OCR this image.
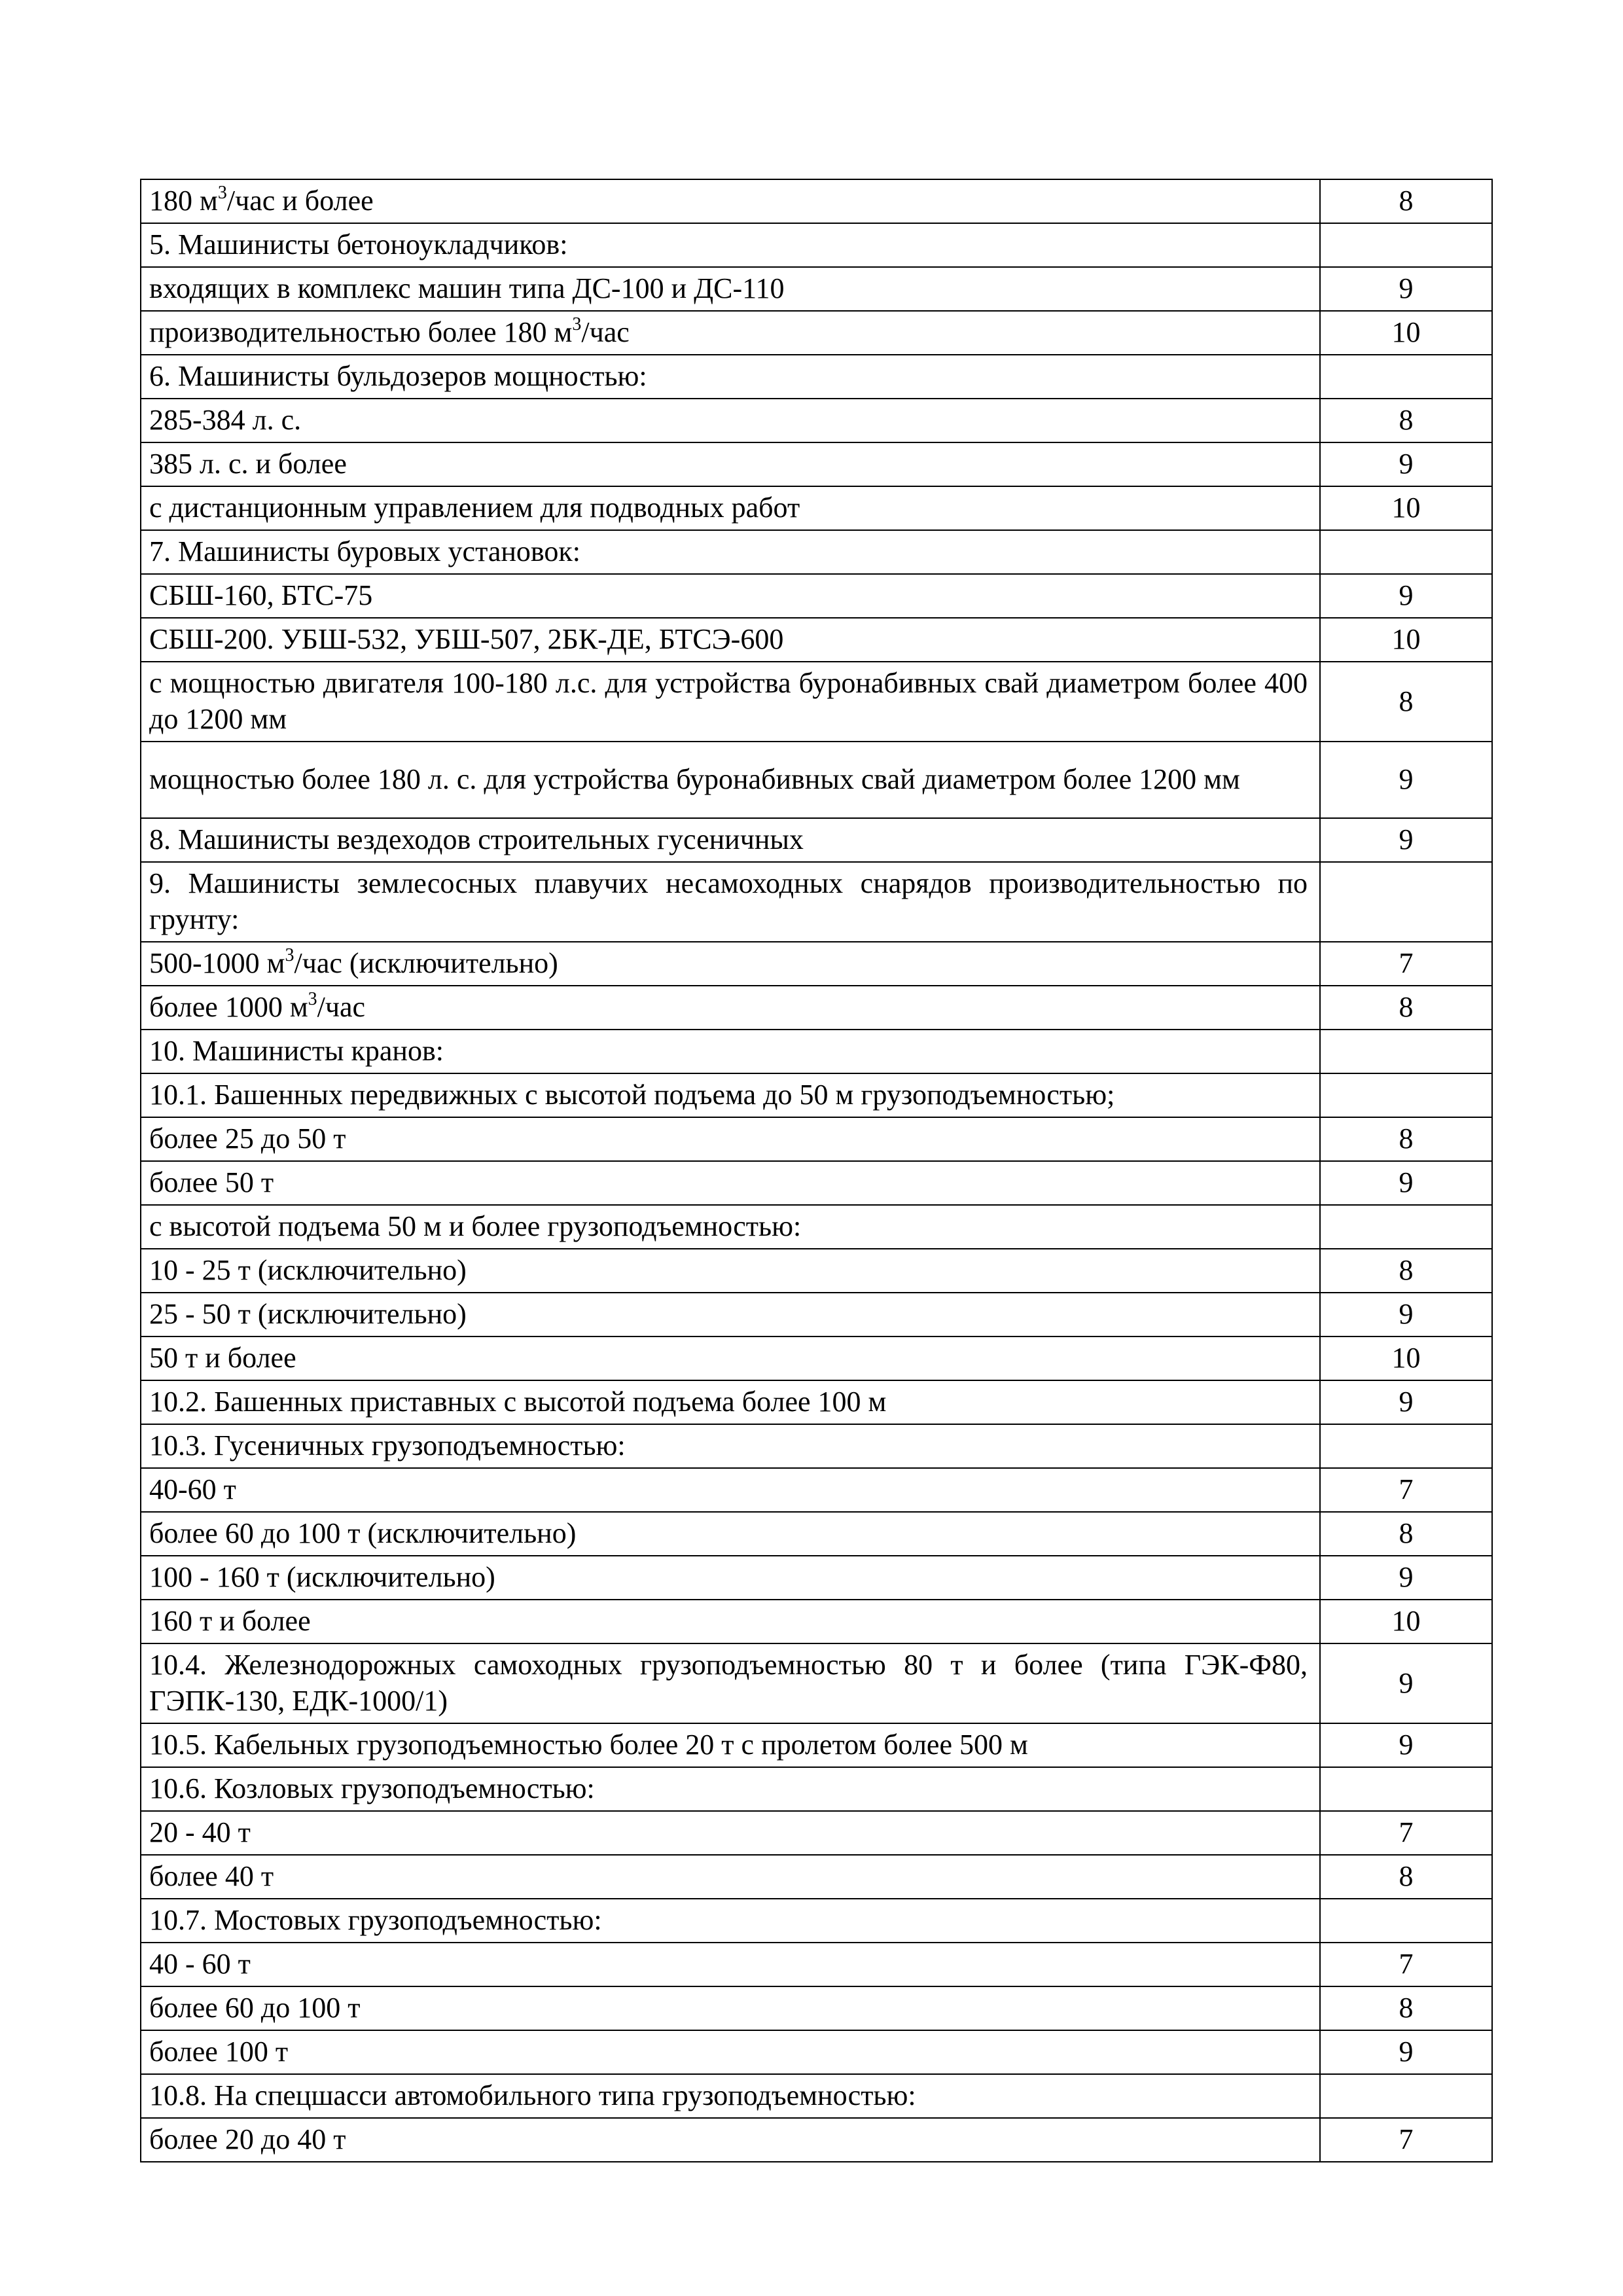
180 $м^3$/час и более	8
5. Машинисты бетоноукладчиков:	
входящих в комплекс машин типа ДС-100 и ДС-110	9
производительностью более 180 $м^3$/час	10
6. Машинисты бульдозеров мощностью:	
285-384 л. с.	8
385 л. с. и более	9
с дистанционным управлением для подводных работ	10
7. Машинисты буровых установок:	
СБШ-160, БТС-75	9
СБШ-200. УБШ-532, УБШ-507, 2БК-ДЕ, БТСЭ-600	10
с мощностью двигателя 100-180 л.с. для устройства буронабивных свай диаметром более 400 до 1200 мм	8
мощностью более 180 л. с. для устройства буронабивных свай диаметром более 1200 мм	9
8. Машинисты вездеходов строительных гусеничных	9
9. Машинисты землесосных плавучих несамоходных снарядов производительностью по грунту:	
500-1000 $м^3$/час (исключительно)	7
более 1000 $м^3$/час	8
10. Машинисты кранов:	
10.1. Башенных передвижных с высотой подъема до 50 м грузоподъемностью;	
более 25 до 50 т	8
более 50 т	9
с высотой подъема 50 м и более грузоподъемностью:	
10 - 25 т (исключительно)	8
25 - 50 т (исключительно)	9
50 т и более	10
10.2. Башенных приставных с высотой подъема более 100 м	9
10.3. Гусеничных грузоподъемностью:	
40-60 т	7
более 60 до 100 т (исключительно)	8
100 - 160 т (исключительно)	9
160 т и более	10
10.4. Железнодорожных самоходных грузоподъемностью 80 т и более (типа ГЭК-Ф80, ГЭПК-130, ЕДК-1000/1)	9
10.5. Кабельных грузоподъемностью более 20 т с пролетом более 500 м	9
10.6. Козловых грузоподъемностью:	
20 - 40 т	7
более 40 т	8
10.7. Мостовых грузоподъемностью:	
40 - 60 т	7
более 60 до 100 т	8
более 100 т	9
10.8. На спецшасси автомобильного типа грузоподъемностью:	
более 20 до 40 т	7
